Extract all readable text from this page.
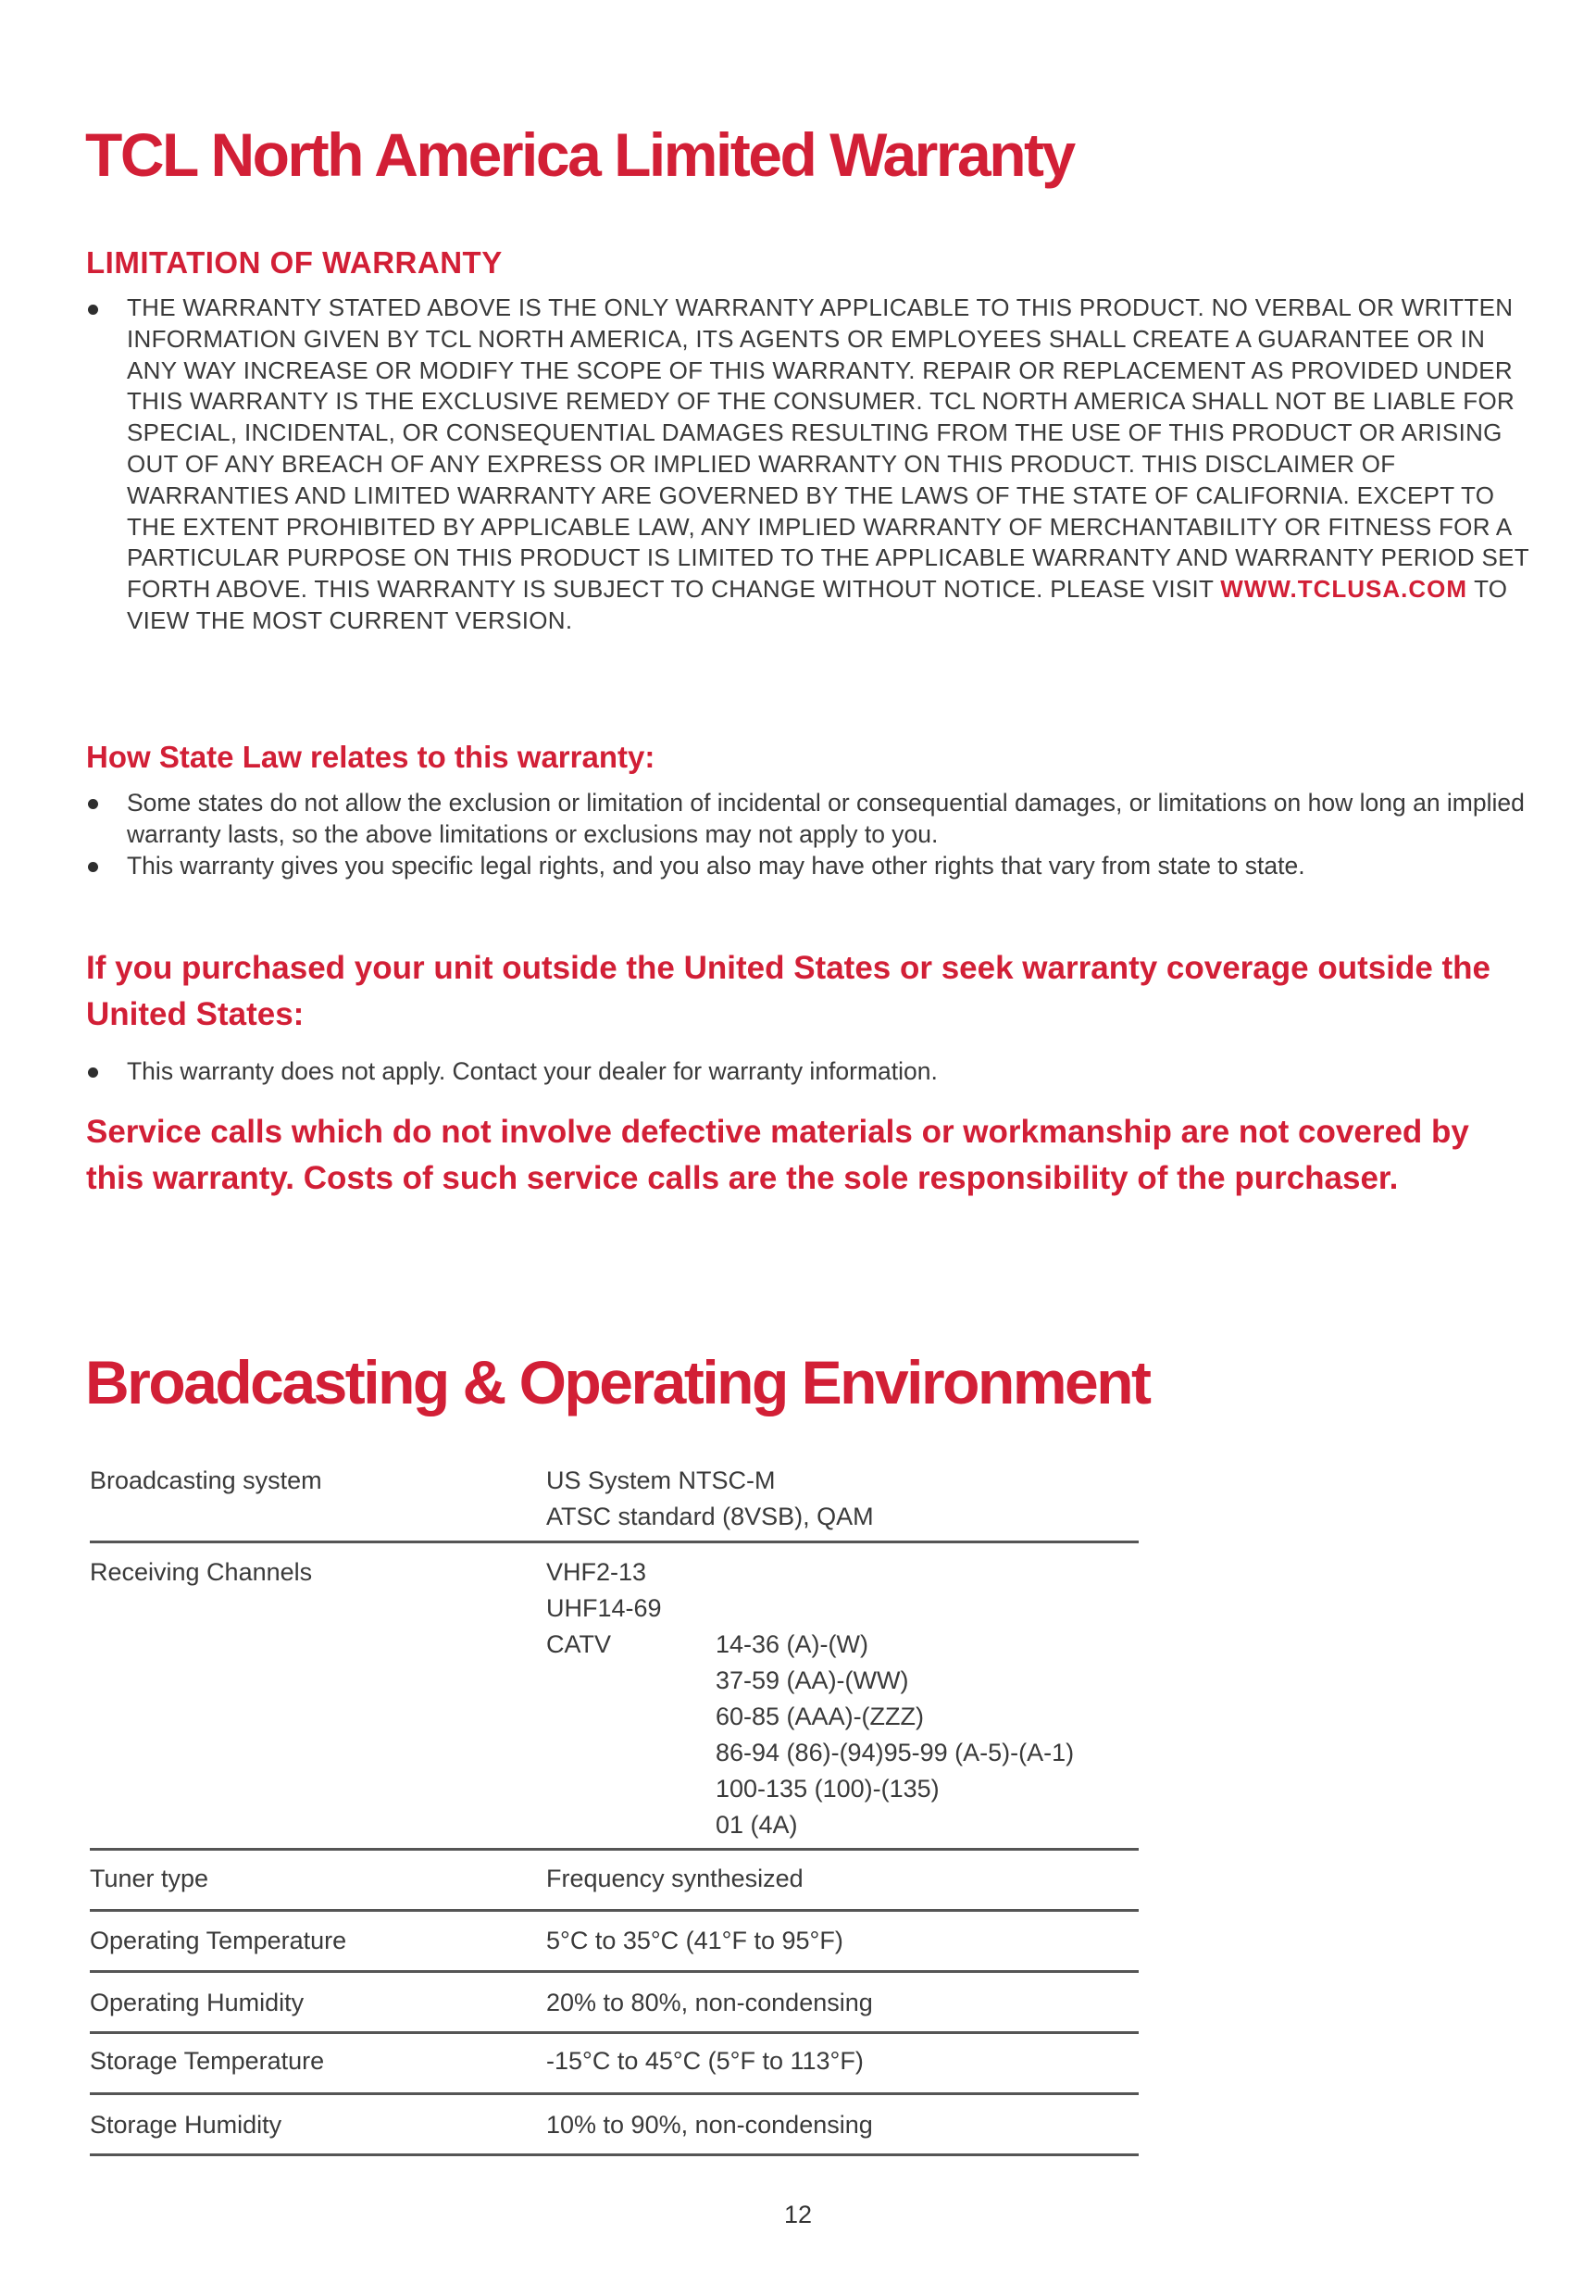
TCL North America Limited Warranty
LIMITATION OF WARRANTY
THE WARRANTY STATED ABOVE IS THE ONLY WARRANTY APPLICABLE TO THIS PRODUCT. NO VERBAL OR WRITTEN INFORMATION GIVEN BY TCL NORTH AMERICA, ITS AGENTS OR EMPLOYEES SHALL CREATE A GUARANTEE OR IN ANY WAY INCREASE OR MODIFY THE SCOPE OF THIS WARRANTY. REPAIR OR REPLACEMENT AS PROVIDED UNDER THIS WARRANTY IS THE EXCLUSIVE REMEDY OF THE CONSUMER. TCL NORTH AMERICA SHALL NOT BE LIABLE FOR SPECIAL, INCIDENTAL, OR CONSEQUENTIAL DAMAGES RESULTING FROM THE USE OF THIS PRODUCT OR ARISING OUT OF ANY BREACH OF ANY EXPRESS OR IMPLIED WARRANTY ON THIS PRODUCT. THIS DISCLAIMER OF WARRANTIES AND LIMITED WARRANTY ARE GOVERNED BY THE LAWS OF THE STATE OF CALIFORNIA. EXCEPT TO THE EXTENT PROHIBITED BY APPLICABLE LAW, ANY IMPLIED WARRANTY OF MERCHANTABILITY OR FITNESS FOR A PARTICULAR PURPOSE ON THIS PRODUCT IS LIMITED TO THE APPLICABLE WARRANTY AND WARRANTY PERIOD SET FORTH ABOVE. THIS WARRANTY IS SUBJECT TO CHANGE WITHOUT NOTICE. PLEASE VISIT WWW.TCLUSA.COM TO VIEW THE MOST CURRENT VERSION.
How State Law relates to this warranty:
Some states do not allow the exclusion or limitation of incidental or consequential damages, or limitations on how long an implied warranty lasts, so the above limitations or exclusions may not apply to you.
This warranty gives you specific legal rights, and you also may have other rights that vary from state to state.
If you purchased your unit outside the United States or seek warranty coverage outside the United States:
This warranty does not apply. Contact your dealer for warranty information.

Service calls which do not involve defective materials or workmanship are not covered by this warranty. Costs of such service calls are the sole responsibility of the purchaser.

Broadcasting & Operating Environment
Broadcasting system	US System NTSC-M
ATSC standard (8VSB), QAM
Receiving Channels	VHF2-13
UHF14-69
CATV	14-36 (A)-(W)
37-59 (AA)-(WW)
60-85 (AAA)-(ZZZ)
86-94 (86)-(94)95-99 (A-5)-(A-1)
100-135 (100)-(135)
01 (4A)
Tuner type	Frequency synthesized
Operating Temperature	5°C to 35°C (41°F to 95°F)
Operating Humidity	20% to 80%, non-condensing
Storage Temperature	-15°C to 45°C (5°F to 113°F)
Storage Humidity	10% to 90%, non-condensing
12
